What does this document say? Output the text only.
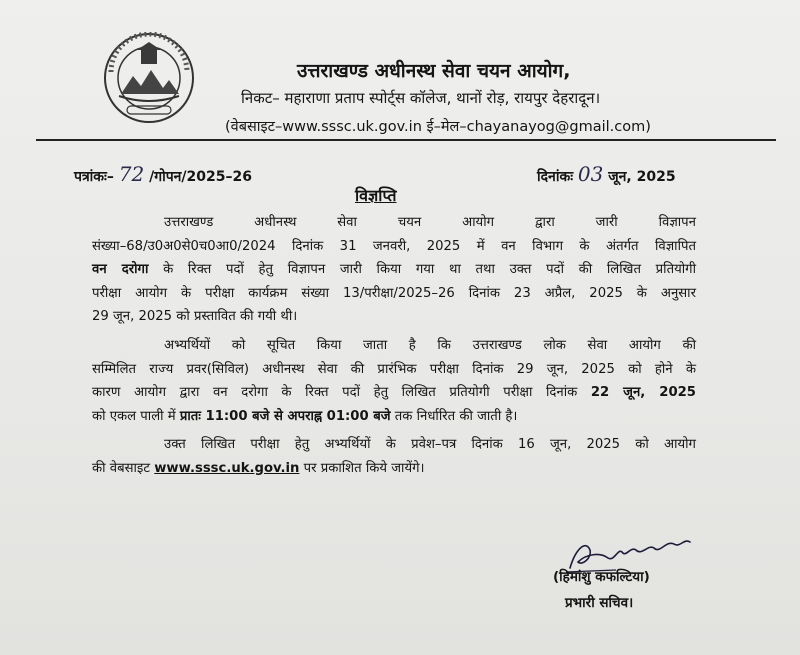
उत्तराखण्ड अधीनस्थ सेवा चयन आयोग,
निकट– महाराणा प्रताप स्पोर्ट्स कॉलेज, थानों रोड़, रायपुर देहरादून।
(वेबसाइट–www.sssc.uk.gov.in ई–मेल–chayanayog@gmail.com)
पत्रांकः– 72 /गोपन/2025–26	दिनांकः 03 जून, 2025
विज्ञप्ति
उत्तराखण्ड अधीनस्थ सेवा चयन आयोग द्वारा जारी विज्ञापन
संख्या–68/उ0अ0से0च0आ0/2024 दिनांक 31 जनवरी, 2025 में वन विभाग के अंतर्गत विज्ञापित
वन दरोगा के रिक्त पदों हेतु विज्ञापन जारी किया गया था तथा उक्त पदों की लिखित प्रतियोगी
परीक्षा आयोग के परीक्षा कार्यक्रम संख्या 13/परीक्षा/2025–26 दिनांक 23 अप्रैल, 2025 के अनुसार
29 जून, 2025 को प्रस्तावित की गयी थी।
अभ्यर्थियों को सूचित किया जाता है कि उत्तराखण्ड लोक सेवा आयोग की
सम्मिलित राज्य प्रवर(सिविल) अधीनस्थ सेवा की प्रारंभिक परीक्षा दिनांक 29 जून, 2025 को होने के
कारण आयोग द्वारा वन दरोगा के रिक्त पदों हेतु लिखित प्रतियोगी परीक्षा दिनांक 22 जून, 2025
को एकल पाली में प्रातः 11:00 बजे से अपराह्न 01:00 बजे तक निर्धारित की जाती है।
उक्त लिखित परीक्षा हेतु अभ्यर्थियों के प्रवेश–पत्र दिनांक 16 जून, 2025 को आयोग
की वेबसाइट www.sssc.uk.gov.in पर प्रकाशित किये जायेंगे।
(हिमांशु कफल्टिया)
प्रभारी सचिव।
